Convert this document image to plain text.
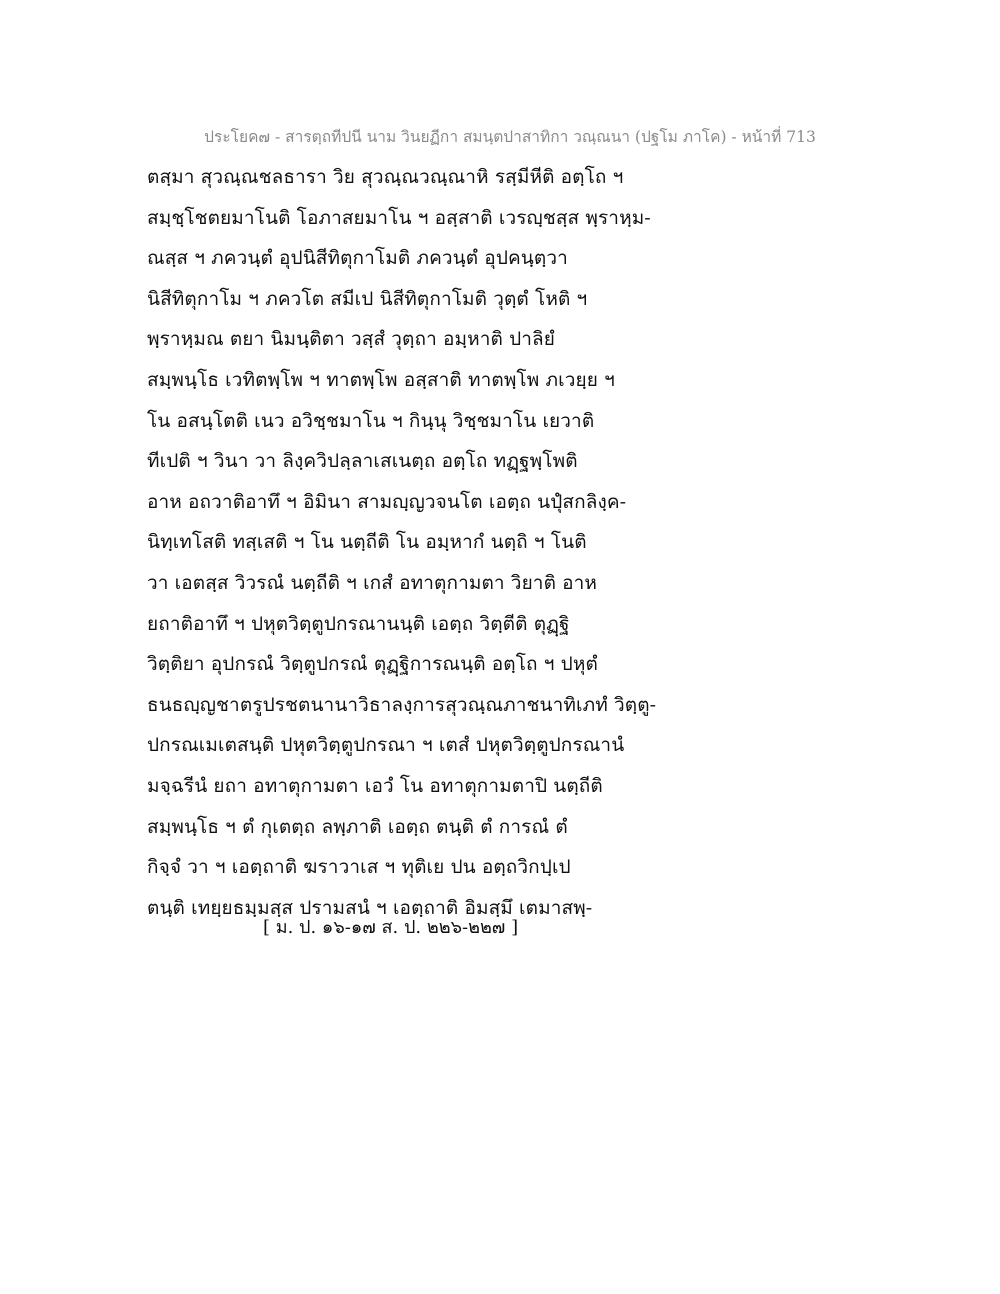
ประโยค๗ - สารตฺถทีปนี นาม วินยฏีกา สมนฺตปาสาทิกา วณฺณนา (ปฐโม ภาโค) - หน้าที่ 713
ตสฺมา สุวณฺณชลธารา วิย สุวณฺณวณฺณาหิ รสฺมีหีติ อตฺโถ ฯ
สมฺชฺโชตยมาโนติ โอภาสยมาโน ฯ อสฺสาติ เวรญฺชสฺส พฺราหฺม-
ณสฺส ฯ ภควนฺตํ อุปนิสีทิตุกาโมติ ภควนฺตํ อุปคนฺตฺวา
นิสีทิตุกาโม ฯ ภควโต สมีเป นิสีทิตุกาโมติ วุตฺตํ โหติ ฯ
พฺราหฺมณ ตยา นิมนฺติตา วสฺสํ วุตฺถา อมฺหาติ ปาลิยํ
สมฺพนฺโธ เวทิตพฺโพ ฯ ทาตพฺโพ อสฺสาติ ทาตพฺโพ ภเวยฺย ฯ
โน อสนฺโตติ เนว อวิชฺชมาโน ฯ กินฺนุ วิชฺชมาโน เยวาติ
ทีเปติ ฯ วินา วา ลิงฺควิปลฺลาเสเนตฺถ อตฺโถ ทฏฺฐพฺโพติ
อาห อถวาติอาทึ ฯ อิมินา สามญฺญวจนโต เอตฺถ นปุํสกลิงฺค-
นิทฺเทโสติ ทสฺเสติ ฯ โน นตฺถีติ โน อมฺหากํ นตฺถิ ฯ โนติ
วา เอตสฺส วิวรณํ นตฺถีติ ฯ เกสํ อทาตุกามตา วิยาติ อาห
ยถาติอาทึ ฯ ปหุตวิตฺตูปกรณานนฺติ เอตฺถ วิตฺตีติ ตุฏฺฐิ
วิตฺติยา อุปกรณํ วิตฺตูปกรณํ ตุฏฺฐิการณนฺติ อตฺโถ ฯ ปหุตํ
ธนธญฺญชาตรูปรชตนานาวิธาลงฺการสุวณฺณภาชนาทิเภทํ วิตฺตู-
ปกรณเมเตสนฺติ ปหุตวิตฺตูปกรณา ฯ เตสํ ปหุตวิตฺตูปกรณานํ
มจฺฉรีนํ ยถา อทาตุกามตา เอวํ โน อทาตุกามตาปิ นตฺถีติ
สมฺพนฺโธ ฯ ตํ กุเตตฺถ ลพฺภาติ เอตฺถ ตนฺติ ตํ การณํ ตํ
กิจฺจํ วา ฯ เอตฺถาติ ฆราวาเส ฯ ทุติเย ปน อตฺถวิกปฺเป
ตนฺติ เทยฺยธมฺมสฺส ปรามสนํ ฯ เอตฺถาติ อิมสฺมึ เตมาสพฺ-
[ ม. ป. ๑๖-๑๗ ส. ป. ๒๒๖-๒๒๗ ]
